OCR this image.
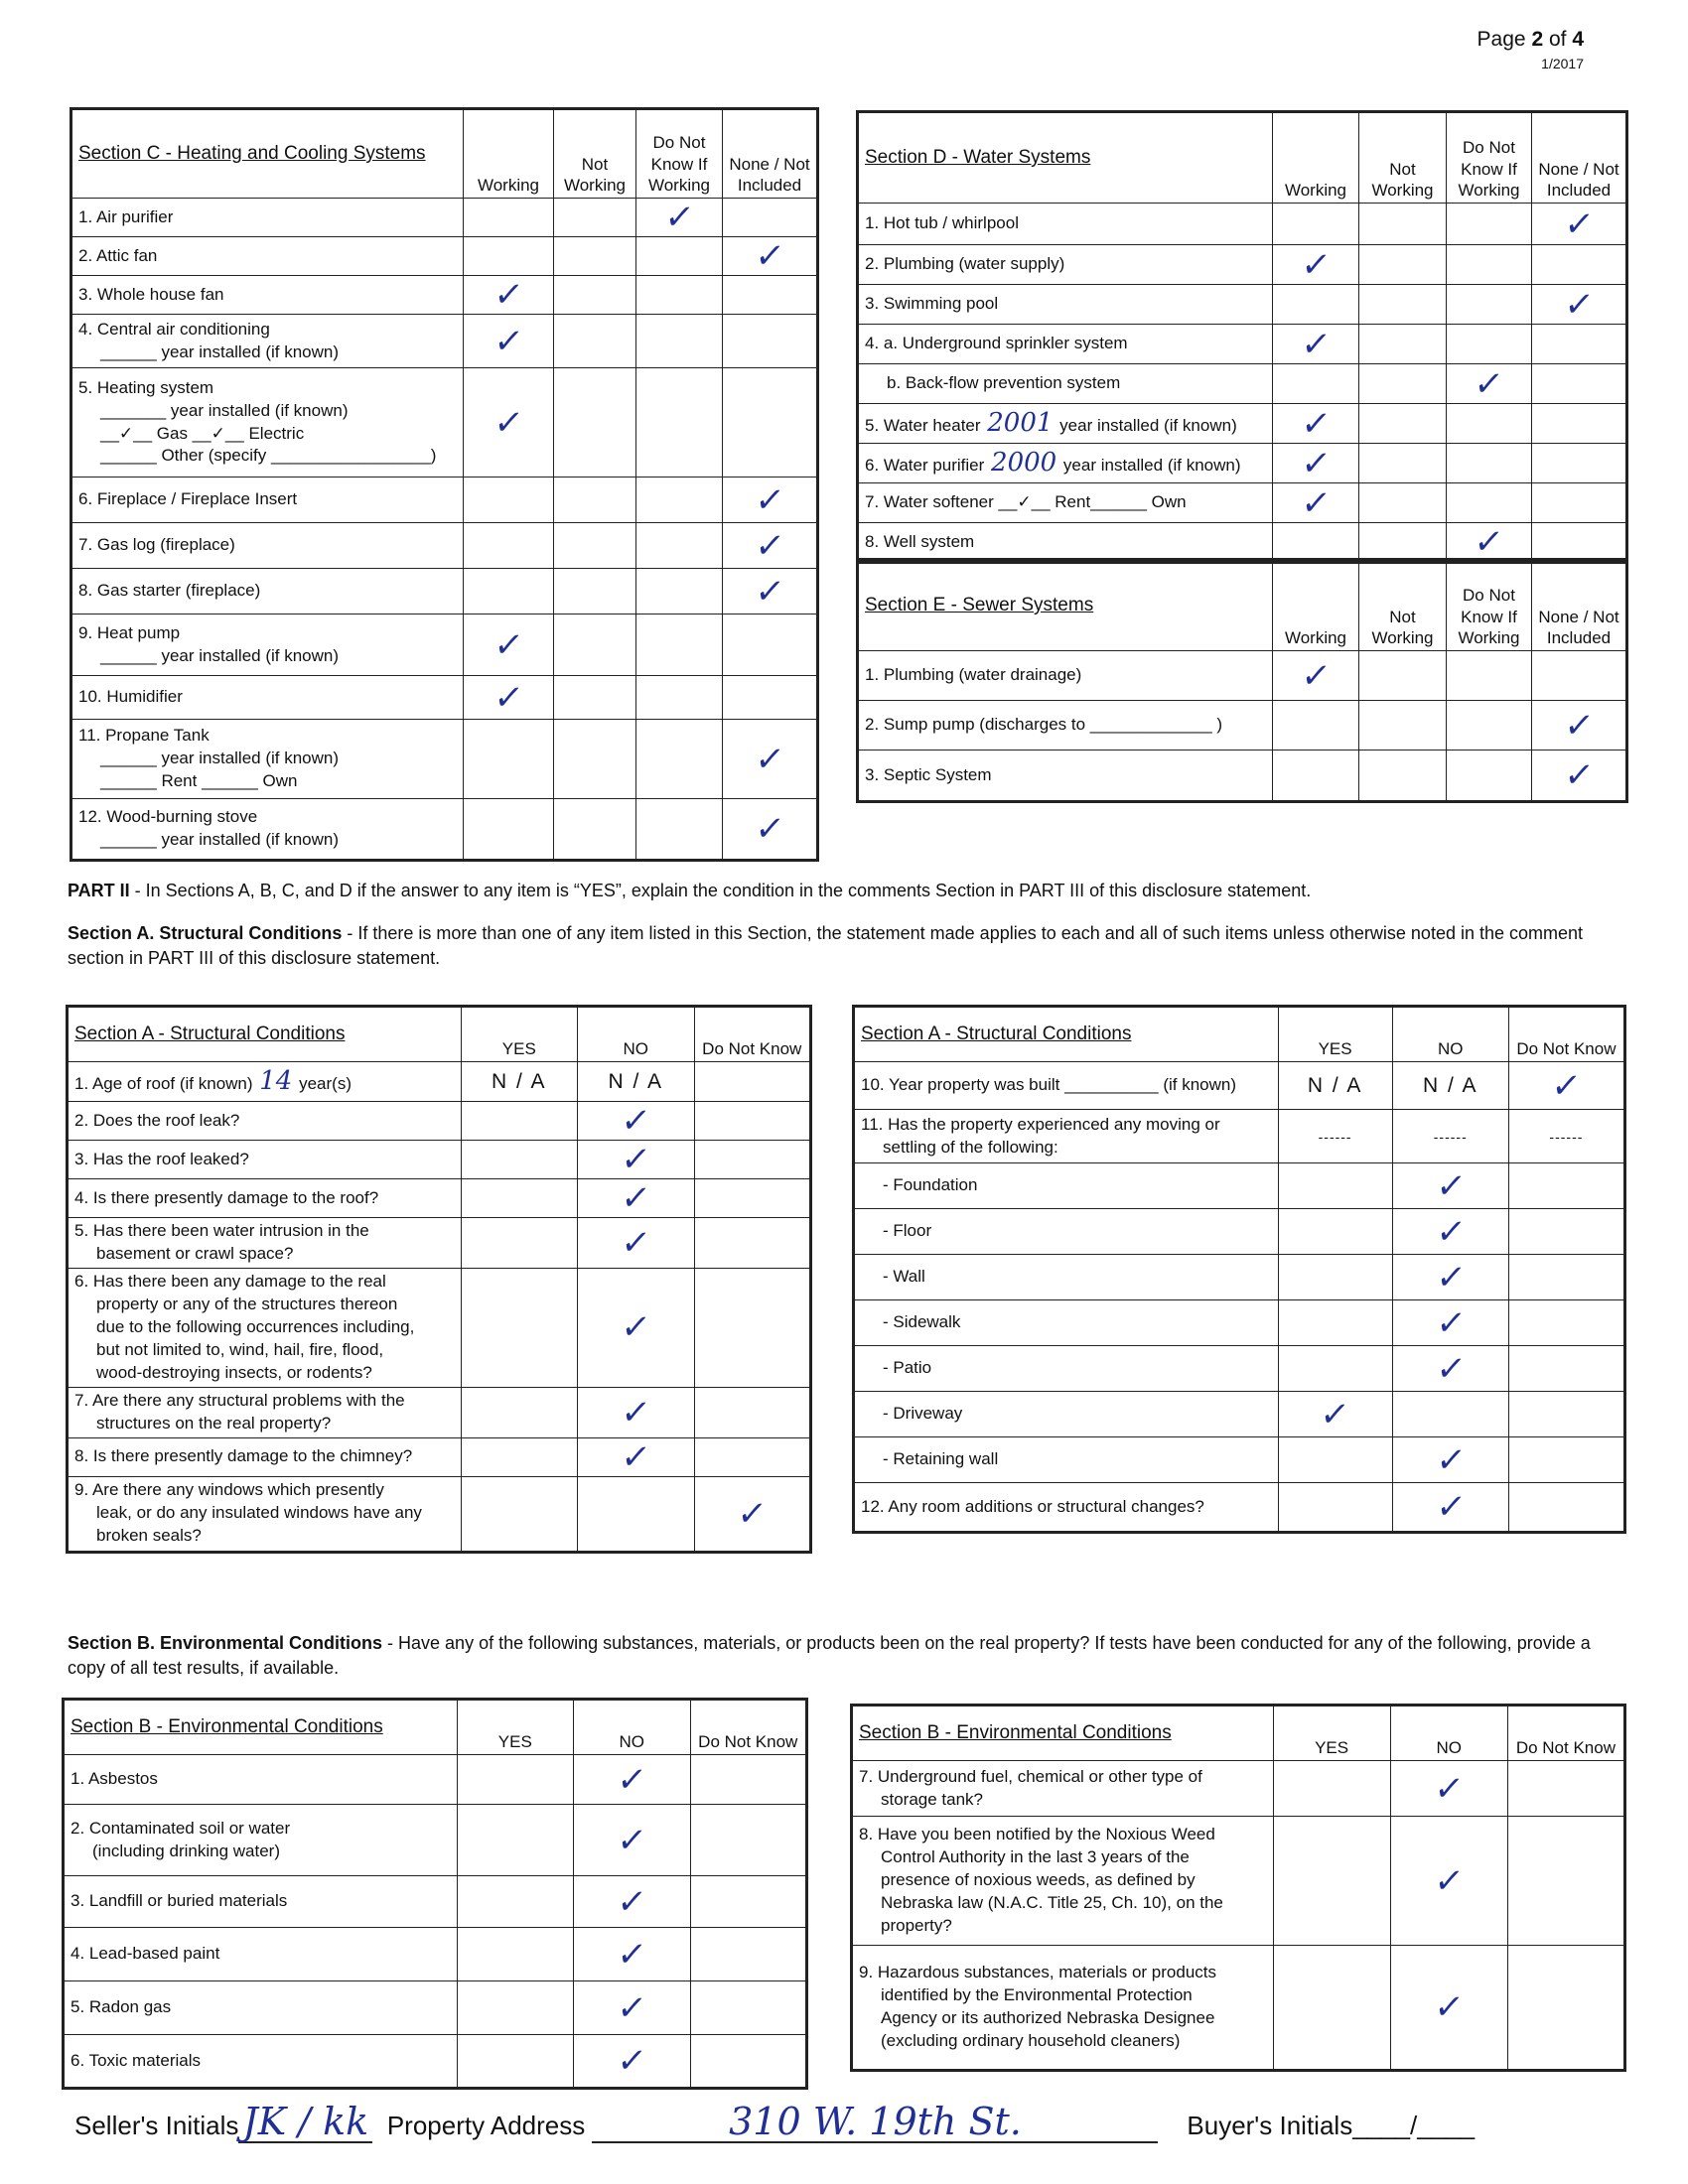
Page 2 of 4
1/2017
Section C - Heating and Cooling Systems	Working	Not Working	Do Not Know If Working	None / Not Included

1. Air purifier			✓	

2. Attic fan				✓

3. Whole house fan	✓			

4. Central air conditioning
______ year installed (if known)	✓			

5. Heating system
_______ year installed (if known)
__✓__ Gas __✓__ Electric
______ Other (specify _________________)	✓			

6. Fireplace / Fireplace Insert				✓

7. Gas log (fireplace)				✓

8. Gas starter (fireplace)				✓

9. Heat pump
______ year installed (if known)	✓			

10. Humidifier	✓			

11. Propane Tank
______ year installed (if known)
______ Rent ______ Own				✓

12. Wood-burning stove
______ year installed (if known)				✓
Section D - Water Systems	Working	Not Working	Do Not Know If Working	None / Not Included
1. Hot tub / whirlpool				✓
2. Plumbing (water supply)	✓			
3. Swimming pool				✓
4. a. Underground sprinkler system	✓			

b. Back-flow prevention system			✓	
5. Water heater 2001 year installed (if known)	✓			
6. Water purifier 2000 year installed (if known)	✓			
7. Water softener __✓__ Rent______ Own	✓			
8. Well system			✓	
Section E - Sewer Systems	Working	Not Working	Do Not Know If Working	None / Not Included
1. Plumbing (water drainage)	✓			
2. Sump pump (discharges to _____________ )				✓
3. Septic System				✓
PART II - In Sections A, B, C, and D if the answer to any item is “YES”, explain the condition in the comments Section in PART III of this disclosure statement.
Section A. Structural Conditions - If there is more than one of any item listed in this Section, the statement made applies to each and all of such items unless otherwise noted in the comment section in PART III of this disclosure statement.
Section A - Structural Conditions	YES	NO	Do Not Know
1. Age of roof (if known) 14 year(s)	N / A	N / A	

2. Does the roof leak?		✓	

3. Has the roof leaked?		✓	

4. Is there presently damage to the roof?		✓	

5. Has there been water intrusion in the
basement or crawl space?		✓	

6. Has there been any damage to the real
property or any of the structures thereon
due to the following occurrences including,
but not limited to, wind, hail, fire, flood,
wood-destroying insects, or rodents?		✓	

7. Are there any structural problems with the
structures on the real property?		✓	

8. Is there presently damage to the chimney?		✓	

9. Are there any windows which presently
leak, or do any insulated windows have any
broken seals?			✓
Section A - Structural Conditions	YES	NO	Do Not Know

10. Year property was built __________ (if known)	N / A	N / A	✓

11. Has the property experienced any moving or
settling of the following:	------	------	------

- Foundation		✓	

- Floor		✓	

- Wall		✓	

- Sidewalk		✓	

- Patio		✓	

- Driveway	✓		

- Retaining wall		✓	

12. Any room additions or structural changes?		✓	
Section B. Environmental Conditions - Have any of the following substances, materials, or products been on the real property? If tests have been conducted for any of the following, provide a copy of all test results, if available.
Section B - Environmental Conditions	YES	NO	Do Not Know

1. Asbestos		✓	

2. Contaminated soil or water
(including drinking water)		✓	

3. Landfill or buried materials		✓	

4. Lead-based paint		✓	

5. Radon gas		✓	

6. Toxic materials		✓	
Section B - Environmental Conditions	YES	NO	Do Not Know

7. Underground fuel, chemical or other type of
storage tank?		✓	

8. Have you been notified by the Noxious Weed
Control Authority in the last 3 years of the
presence of noxious weeds, as defined by
Nebraska law (N.A.C. Title 25, Ch. 10), on the
property?		✓	

9. Hazardous substances, materials or products
identified by the Environmental Protection
Agency or its authorized Nebraska Designee
(excluding ordinary household cleaners)		✓	
Seller's Initials JK / kk Property Address	310 W. 19th St.	Buyer's Initials____/____
